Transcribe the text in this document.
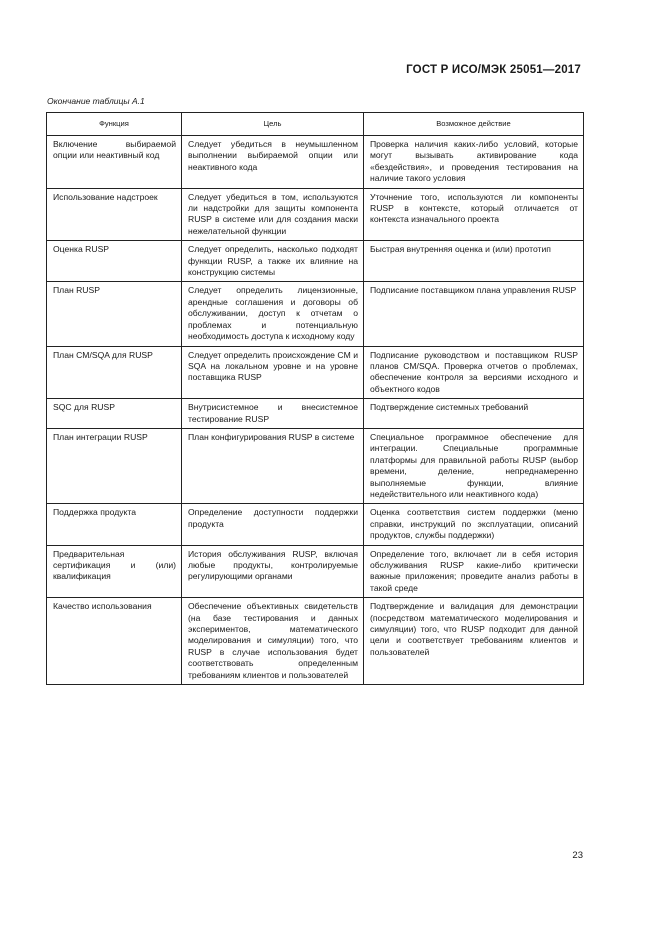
ГОСТ Р ИСО/МЭК 25051—2017
Окончание таблицы А.1
Функция	Цель	Возможное действие
Включение выбираемой опции или неактивный код	Следует убедиться в неумышленном выполнении выбираемой опции или неактивного кода	Проверка наличия каких-либо условий, которые могут вызывать активирование кода «бездействия», и проведения тестирования на наличие такого условия
Использование надстроек	Следует убедиться в том, используются ли надстройки для защиты компонента RUSP в системе или для создания маски нежелательной функции	Уточнение того, используются ли компоненты RUSP в контексте, который отличается от контекста изначального проекта
Оценка RUSP	Следует определить, насколько подходят функции RUSP, а также их влияние на конструкцию системы	Быстрая внутренняя оценка и (или) прототип
План RUSP	Следует определить лицензионные, арендные соглашения и договоры об обслуживании, доступ к отчетам о проблемах и потенциальную необходимость доступа к исходному коду	Подписание поставщиком плана управления RUSP
План CM/SQA для RUSP	Следует определить происхождение CM и SQA на локальном уровне и на уровне поставщика RUSP	Подписание руководством и поставщиком RUSP планов CM/SQA. Проверка отчетов о проблемах, обеспечение контроля за версиями исходного и объектного кодов
SQC для RUSP	Внутрисистемное и внесистемное тестирование RUSP	Подтверждение системных требований
План интеграции RUSP	План конфигурирования RUSP в системе	Специальное программное обеспечение для интеграции. Специальные программные платформы для правильной работы RUSP (выбор времени, деление, непреднамеренно выполняемые функции, влияние недействительного или неактивного кода)
Поддержка продукта	Определение доступности поддержки продукта	Оценка соответствия систем поддержки (меню справки, инструкций по эксплуатации, описаний продуктов, службы поддержки)
Предварительная сертификация и (или) квалификация	История обслуживания RUSP, включая любые продукты, контролируемые регулирующими органами	Определение того, включает ли в себя история обслуживания RUSP какие-либо критически важные приложения; проведите анализ работы в такой среде
Качество использования	Обеспечение объективных свидетельств (на базе тестирования и данных экспериментов, математического моделирования и симуляции) того, что RUSP в случае использования будет соответствовать определенным требованиям клиентов и пользователей	Подтверждение и валидация для демонстрации (посредством математического моделирования и симуляции) того, что RUSP подходит для данной цели и соответствует требованиям клиентов и пользователей
23
